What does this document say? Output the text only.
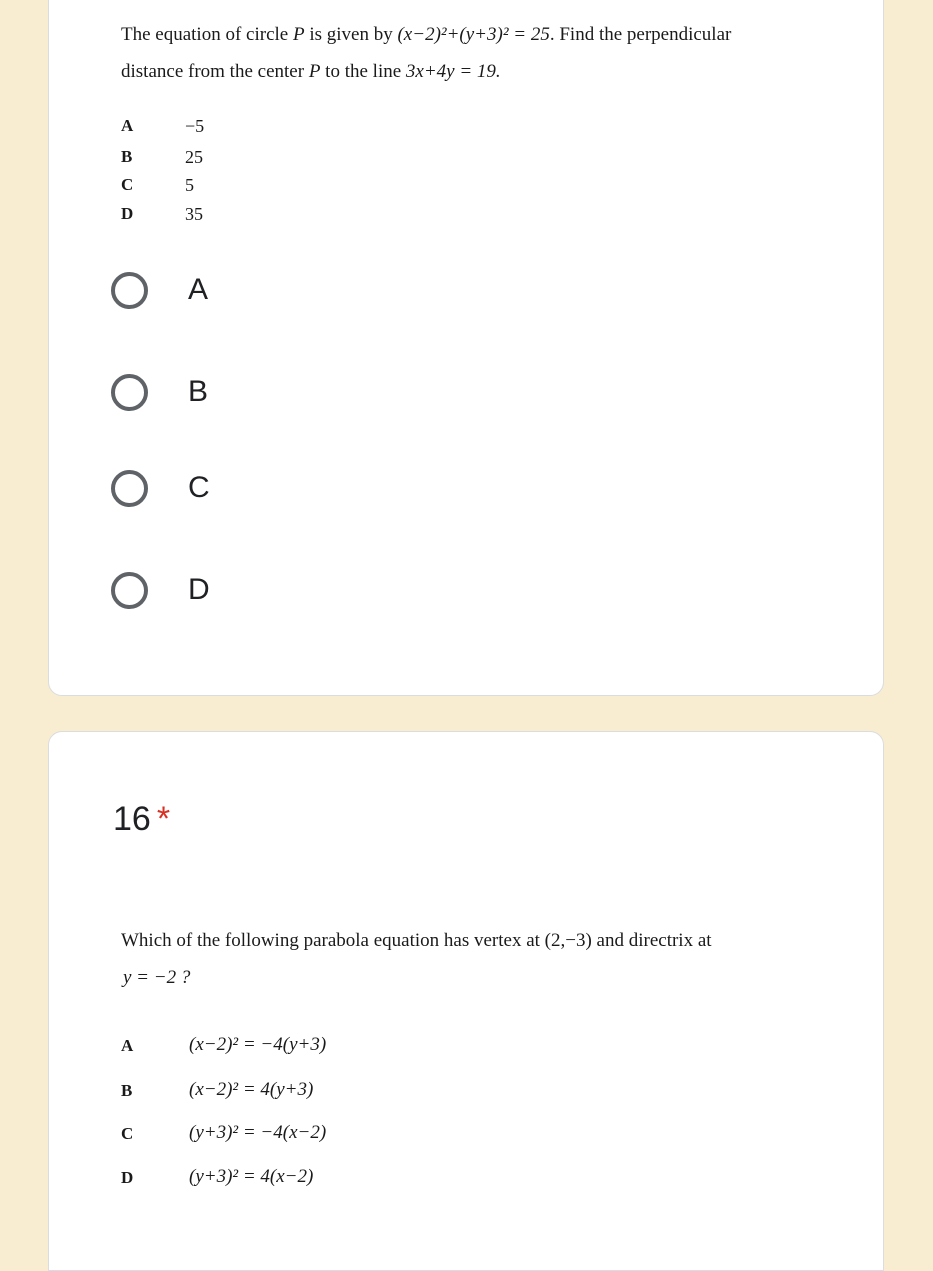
The equation of circle P is given by (x−2)²+(y+3)² = 25. Find the perpendicular
distance from the center P to the line 3x+4y = 19.
A	−5
B	25
C	5
D	35
A
B
C
D
16 *
Which of the following parabola equation has vertex at (2,−3) and directrix at
y = −2 ?
A	(x−2)² = −4(y+3)
B	(x−2)² = 4(y+3)
C	(y+3)² = −4(x−2)
D	(y+3)² = 4(x−2)
